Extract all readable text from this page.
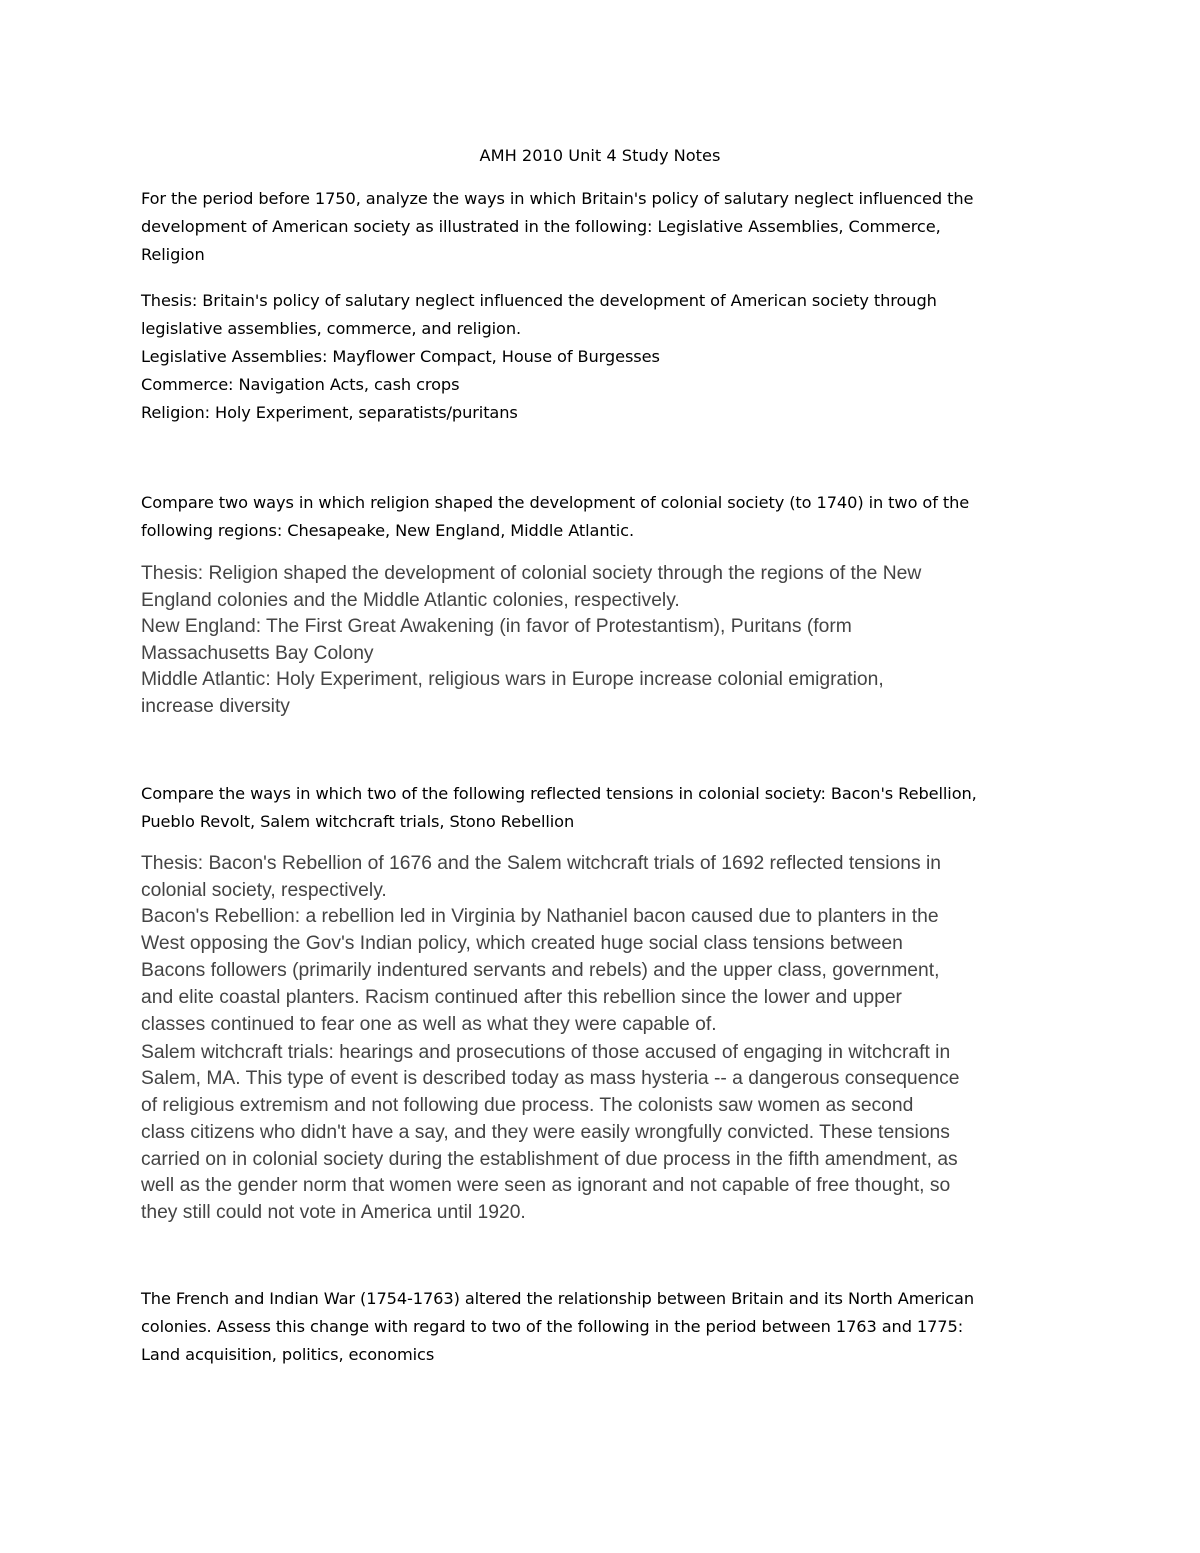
AMH 2010 Unit 4 Study Notes
For the period before 1750, analyze the ways in which Britain's policy of salutary neglect influenced the
development of American society as illustrated in the following: Legislative Assemblies, Commerce,
Religion
Thesis: Britain's policy of salutary neglect influenced the development of American society through
legislative assemblies, commerce, and religion.
Legislative Assemblies: Mayflower Compact, House of Burgesses
Commerce: Navigation Acts, cash crops
Religion: Holy Experiment, separatists/puritans
Compare two ways in which religion shaped the development of colonial society (to 1740) in two of the
following regions: Chesapeake, New England, Middle Atlantic.
Thesis: Religion shaped the development of colonial society through the regions of the New
England colonies and the Middle Atlantic colonies, respectively.
New England: The First Great Awakening (in favor of Protestantism), Puritans (form
Massachusetts Bay Colony
Middle Atlantic: Holy Experiment, religious wars in Europe increase colonial emigration,
increase diversity
Compare the ways in which two of the following reflected tensions in colonial society: Bacon's Rebellion,
Pueblo Revolt, Salem witchcraft trials, Stono Rebellion
Thesis: Bacon's Rebellion of 1676 and the Salem witchcraft trials of 1692 reflected tensions in
colonial society, respectively.
Bacon's Rebellion: a rebellion led in Virginia by Nathaniel bacon caused due to planters in the
West opposing the Gov's Indian policy, which created huge social class tensions between
Bacons followers (primarily indentured servants and rebels) and the upper class, government,
and elite coastal planters. Racism continued after this rebellion since the lower and upper
classes continued to fear one as well as what they were capable of.
Salem witchcraft trials: hearings and prosecutions of those accused of engaging in witchcraft in
Salem, MA. This type of event is described today as mass hysteria -- a dangerous consequence
of religious extremism and not following due process. The colonists saw women as second
class citizens who didn't have a say, and they were easily wrongfully convicted. These tensions
carried on in colonial society during the establishment of due process in the fifth amendment, as
well as the gender norm that women were seen as ignorant and not capable of free thought, so
they still could not vote in America until 1920.
The French and Indian War (1754-1763) altered the relationship between Britain and its North American
colonies. Assess this change with regard to two of the following in the period between 1763 and 1775:
Land acquisition, politics, economics
